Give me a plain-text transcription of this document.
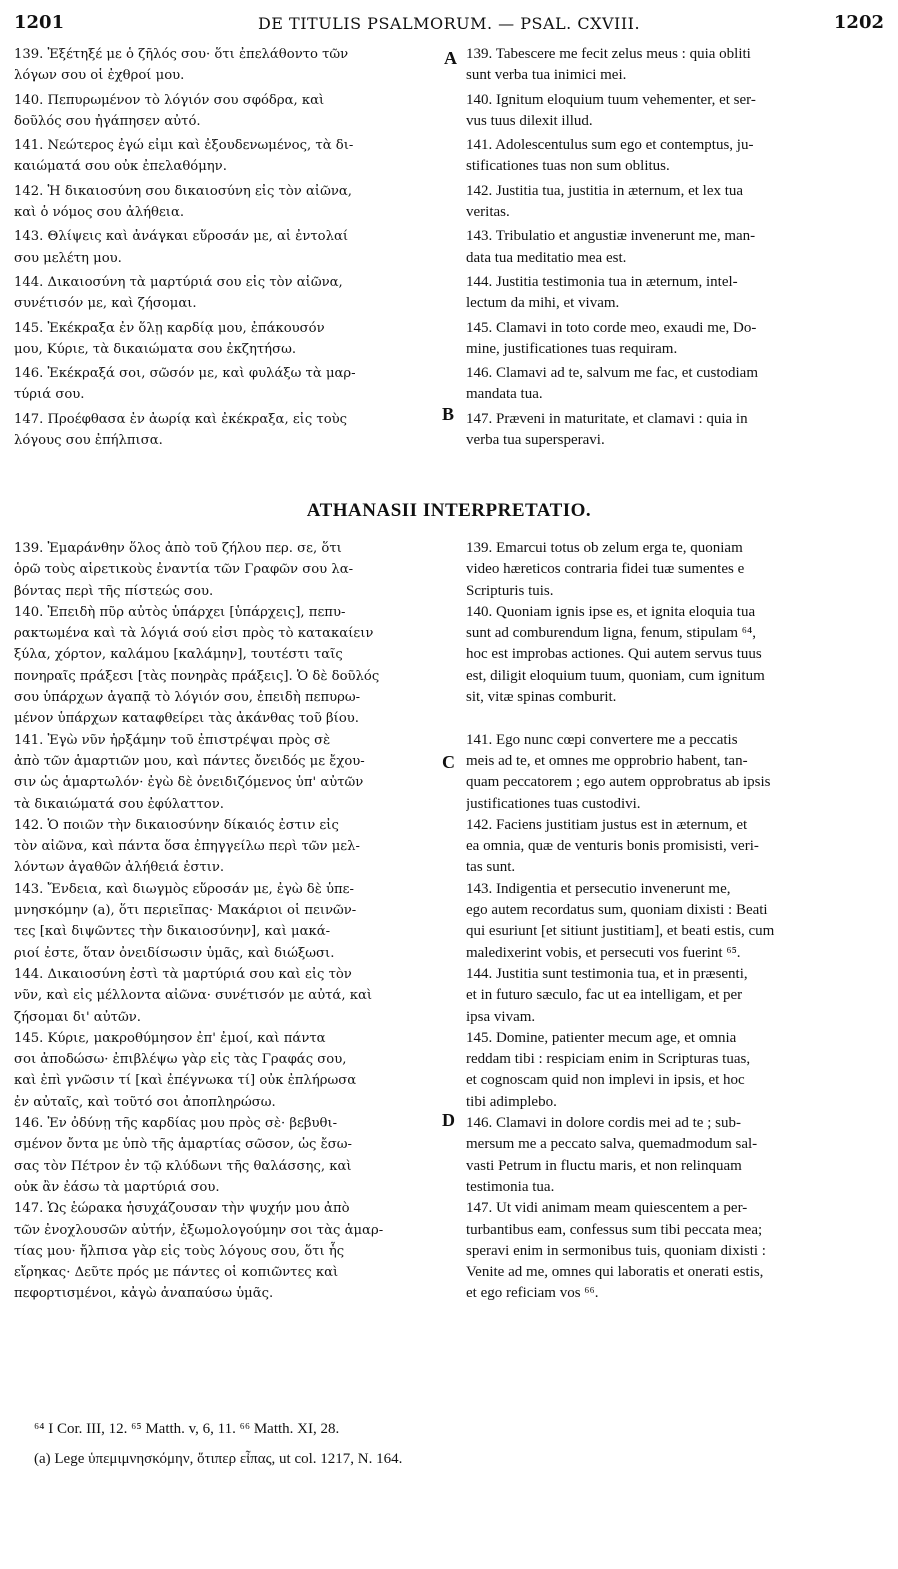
1201	DE TITULIS PSALMORUM. — PSAL. CXVIII.	1202
139. Ἐξέτηξέ με ὁ ζῆλός σου· ὅτι ἐπελάθοντο τῶν
λόγων σου οἱ ἐχθροί μου.
140. Πεπυρωμένον τὸ λόγιόν σου σφόδρα, καὶ
δοῦλός σου ἠγάπησεν αὐτό.
141. Νεώτερος ἐγώ εἰμι καὶ ἐξουδενωμένος, τὰ δι-
καιώματά σου οὐκ ἐπελαθόμην.
142. Ἡ δικαιοσύνη σου δικαιοσύνη εἰς τὸν αἰῶνα,
καὶ ὁ νόμος σου ἀλήθεια.
143. Θλίψεις καὶ ἀνάγκαι εὕροσάν με, αἱ ἐντολαί
σου μελέτη μου.
144. Δικαιοσύνη τὰ μαρτύριά σου εἰς τὸν αἰῶνα,
συνέτισόν με, καὶ ζήσομαι.
145. Ἐκέκραξα ἐν ὅλῃ καρδίᾳ μου, ἐπάκουσόν
μου, Κύριε, τὰ δικαιώματα σου ἐκζητήσω.
146. Ἐκέκραξά σοι, σῶσόν με, καὶ φυλάξω τὰ μαρ-
τύριά σου.
147. Προέφθασα ἐν ἀωρίᾳ καὶ ἐκέκραξα, εἰς τοὺς
λόγους σου ἐπήλπισα.
139. Tabescere me fecit zelus meus : quia obliti
sunt verba tua inimici mei.
140. Ignitum eloquium tuum vehementer, et ser-
vus tuus dilexit illud.
141. Adolescentulus sum ego et contemptus, ju-
stificationes tuas non sum oblitus.
142. Justitia tua, justitia in æternum, et lex tua
veritas.
143. Tribulatio et angustiæ invenerunt me, man-
data tua meditatio mea est.
144. Justitia testimonia tua in æternum, intel-
lectum da mihi, et vivam.
145. Clamavi in toto corde meo, exaudi me, Do-
mine, justificationes tuas requiram.
146. Clamavi ad te, salvum me fac, et custodiam
mandata tua.
147. Præveni in maturitate, et clamavi : quia in
verba tua supersperavi.
A
B
ATHANASII INTERPRETATIO.
139. Ἐμαράνθην ὅλος ἀπὸ τοῦ ζήλου περ. σε, ὅτι
ὁρῶ τοὺς αἱρετικοὺς ἐναντία τῶν Γραφῶν σου λα-
βόντας περὶ τῆς πίστεώς σου.
140. Ἐπειδὴ πῦρ αὐτὸς ὑπάρχει [ὑπάρχεις], πεπυ-
ρακτωμένα καὶ τὰ λόγιά σού εἰσι πρὸς τὸ κατακαίειν
ξύλα, χόρτον, καλάμου [καλάμην], τουτέστι ταῖς
πονηραῖς πράξεσι [τὰς πονηρὰς πράξεις]. Ὁ δὲ δοῦλός
σου ὑπάρχων ἀγαπᾷ τὸ λόγιόν σου, ἐπειδὴ πεπυρω-
μένον ὑπάρχων καταφθείρει τὰς ἀκάνθας τοῦ βίου.
141. Ἐγὼ νῦν ἠρξάμην τοῦ ἐπιστρέψαι πρὸς σὲ
ἀπὸ τῶν ἁμαρτιῶν μου, καὶ πάντες ὄνειδός με ἔχου-
σιν ὡς ἁμαρτωλόν· ἐγὼ δὲ ὀνειδιζόμενος ὑπ' αὐτῶν
τὰ δικαιώματά σου ἐφύλαττον.
142. Ὁ ποιῶν τὴν δικαιοσύνην δίκαιός ἐστιν εἰς
τὸν αἰῶνα, καὶ πάντα ὅσα ἐπηγγείλω περὶ τῶν μελ-
λόντων ἀγαθῶν ἀλήθειά ἐστιν.
143. Ἔνδεια, καὶ διωγμὸς εὕροσάν με, ἐγὼ δὲ ὑπε-
μνησκόμην (a), ὅτι περιεῖπας· Μακάριοι οἱ πεινῶν-
τες [καὶ διψῶντες τὴν δικαιοσύνην], καὶ μακά-
ριοί ἐστε, ὅταν ὀνειδίσωσιν ὑμᾶς, καὶ διώξωσι.
144. Δικαιοσύνη ἐστὶ τὰ μαρτύριά σου καὶ εἰς τὸν
νῦν, καὶ εἰς μέλλοντα αἰῶνα· συνέτισόν με αὐτά, καὶ
ζήσομαι δι' αὐτῶν.
145. Κύριε, μακροθύμησον ἐπ' ἐμοί, καὶ πάντα
σοι ἀποδώσω· ἐπιβλέψω γὰρ εἰς τὰς Γραφάς σου,
καὶ ἐπὶ γνῶσιν τί [καὶ ἐπέγνωκα τί] οὐκ ἐπλήρωσα
ἐν αὐταῖς, καὶ τοῦτό σοι ἀποπληρώσω.
146. Ἐν ὀδύνῃ τῆς καρδίας μου πρὸς σὲ· βεβυθι-
σμένον ὄντα με ὑπὸ τῆς ἁμαρτίας σῶσον, ὡς ἔσω-
σας τὸν Πέτρον ἐν τῷ κλύδωνι τῆς θαλάσσης, καὶ
οὐκ ἂν ἐάσω τὰ μαρτύριά σου.
147. Ὡς ἑώρακα ἡσυχάζουσαν τὴν ψυχήν μου ἀπὸ
τῶν ἐνοχλουσῶν αὐτήν, ἐξωμολογούμην σοι τὰς ἁμαρ-
τίας μου· ἤλπισα γὰρ εἰς τοὺς λόγους σου, ὅτι ἧς
εἴρηκας· Δεῦτε πρός με πάντες οἱ κοπιῶντες καὶ
πεφορτισμένοι, κἀγὼ ἀναπαύσω ὑμᾶς.
139. Emarcui totus ob zelum erga te, quoniam
video hæreticos contraria fidei tuæ sumentes e
Scripturis tuis.
140. Quoniam ignis ipse es, et ignita eloquia tua
sunt ad comburendum ligna, fenum, stipulam ⁶⁴,
hoc est improbas actiones. Qui autem servus tuus
est, diligit eloquium tuum, quoniam, cum ignitum
sit, vitæ spinas comburit.
141. Ego nunc cœpi convertere me a peccatis
meis ad te, et omnes me opprobrio habent, tan-
quam peccatorem ; ego autem opprobratus ab ipsis
justificationes tuas custodivi.
142. Faciens justitiam justus est in æternum, et
ea omnia, quæ de venturis bonis promisisti, veri-
tas sunt.
143. Indigentia et persecutio invenerunt me,
ego autem recordatus sum, quoniam dixisti : Beati
qui esuriunt [et sitiunt justitiam], et beati estis, cum
maledixerint vobis, et persecuti vos fuerint ⁶⁵.
144. Justitia sunt testimonia tua, et in præsenti,
et in futuro sæculo, fac ut ea intelligam, et per
ipsa vivam.
145. Domine, patienter mecum age, et omnia
reddam tibi : respiciam enim in Scripturas tuas,
et cognoscam quid non implevi in ipsis, et hoc
tibi adimplebo.
146. Clamavi in dolore cordis mei ad te ; sub-
mersum me a peccato salva, quemadmodum sal-
vasti Petrum in fluctu maris, et non relinquam
testimonia tua.
147. Ut vidi animam meam quiescentem a per-
turbantibus eam, confessus sum tibi peccata mea;
speravi enim in sermonibus tuis, quoniam dixisti :
Venite ad me, omnes qui laboratis et onerati estis,
et ego reficiam vos ⁶⁶.
C
D
⁶⁴ I Cor. III, 12. ⁶⁵ Matth. v, 6, 11. ⁶⁶ Matth. XI, 28.
(a) Lege ὑπεμιμνησκόμην, ὅτιπερ εἶπας, ut col. 1217, N. 164.
